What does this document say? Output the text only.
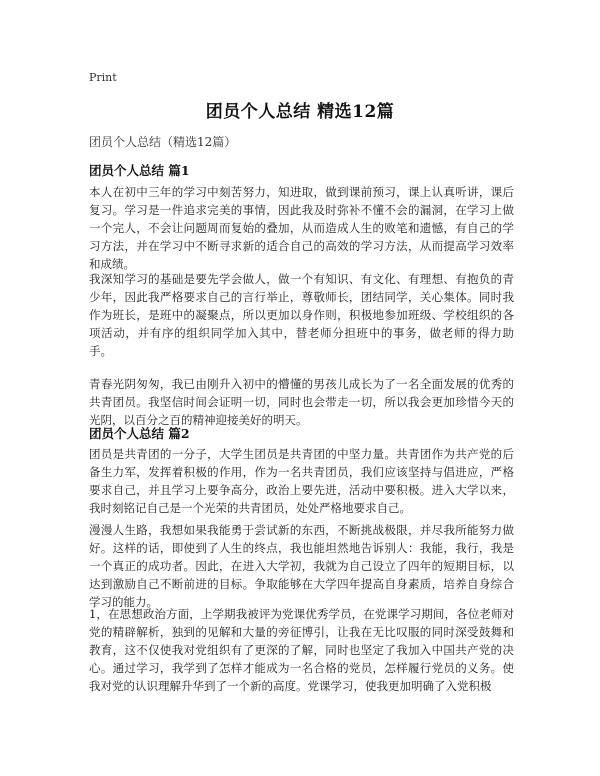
Print
团员个人总结 精选12篇
团员个人总结（精选12篇）
团员个人总结 篇1

本人在初中三年的学习中刻苦努力，知进取，做到课前预习，课上认真听讲，课后复习。学习是一件追求完美的事情，因此我及时弥补不懂不会的漏洞，在学习上做一个完人，不会让问题周而复始的叠加，从而造成人生的败笔和遗憾，有自己的学习方法，并在学习中不断寻求新的适合自己的高效的学习方法，从而提高学习效率和成绩。

我深知学习的基础是要先学会做人，做一个有知识、有文化、有理想、有抱负的青少年，因此我严格要求自己的言行举止，尊敬师长，团结同学，关心集体。同时我作为班长，是班中的凝聚点，所以更加以身作则，积极地参加班级、学校组织的各项活动，并有序的组织同学加入其中，替老师分担班中的事务，做老师的得力助手。

青春光阴匆匆，我已由刚升入初中的懵懂的男孩儿成长为了一名全面发展的优秀的共青团员。我坚信时间会证明一切，同时也会带走一切，所以我会更加珍惜今天的光阴，以百分之百的精神迎接美好的明天。

团员个人总结 篇2

团员是共青团的一分子，大学生团员是共青团的中坚力量。共青团作为共产党的后备生力军，发挥着积极的作用，作为一名共青团员，我们应该坚持与倡进应，严格要求自己，并且学习上要争高分，政治上要先进，活动中要积极。进入大学以来，我时刻铭记自己是一个光荣的共青团员，处处严格地要求自己。

漫漫人生路，我想如果我能勇于尝试新的东西，不断挑战极限，并尽我所能努力做好。这样的话，即使到了人生的终点，我也能坦然地告诉别人：我能，我行，我是一个真正的成功者。因此，在进入大学初，我就为自己设立了四年的短期目标，以达到激励自己不断前进的目标。争取能够在大学四年提高自身素质，培养自身综合学习的能力。

1，在思想政治方面，上学期我被评为党课优秀学员，在党课学习期间，各位老师对党的精辟解析，独到的见解和大量的旁征博引，让我在无比叹服的同时深受鼓舞和教育，这不仅使我对党组织有了更深的了解，同时也坚定了我加入中国共产党的决心。通过学习，我学到了怎样才能成为一名合格的党员，怎样履行党员的义务。使我对党的认识理解升华到了一个新的高度。党课学习，使我更加明确了入党积极
